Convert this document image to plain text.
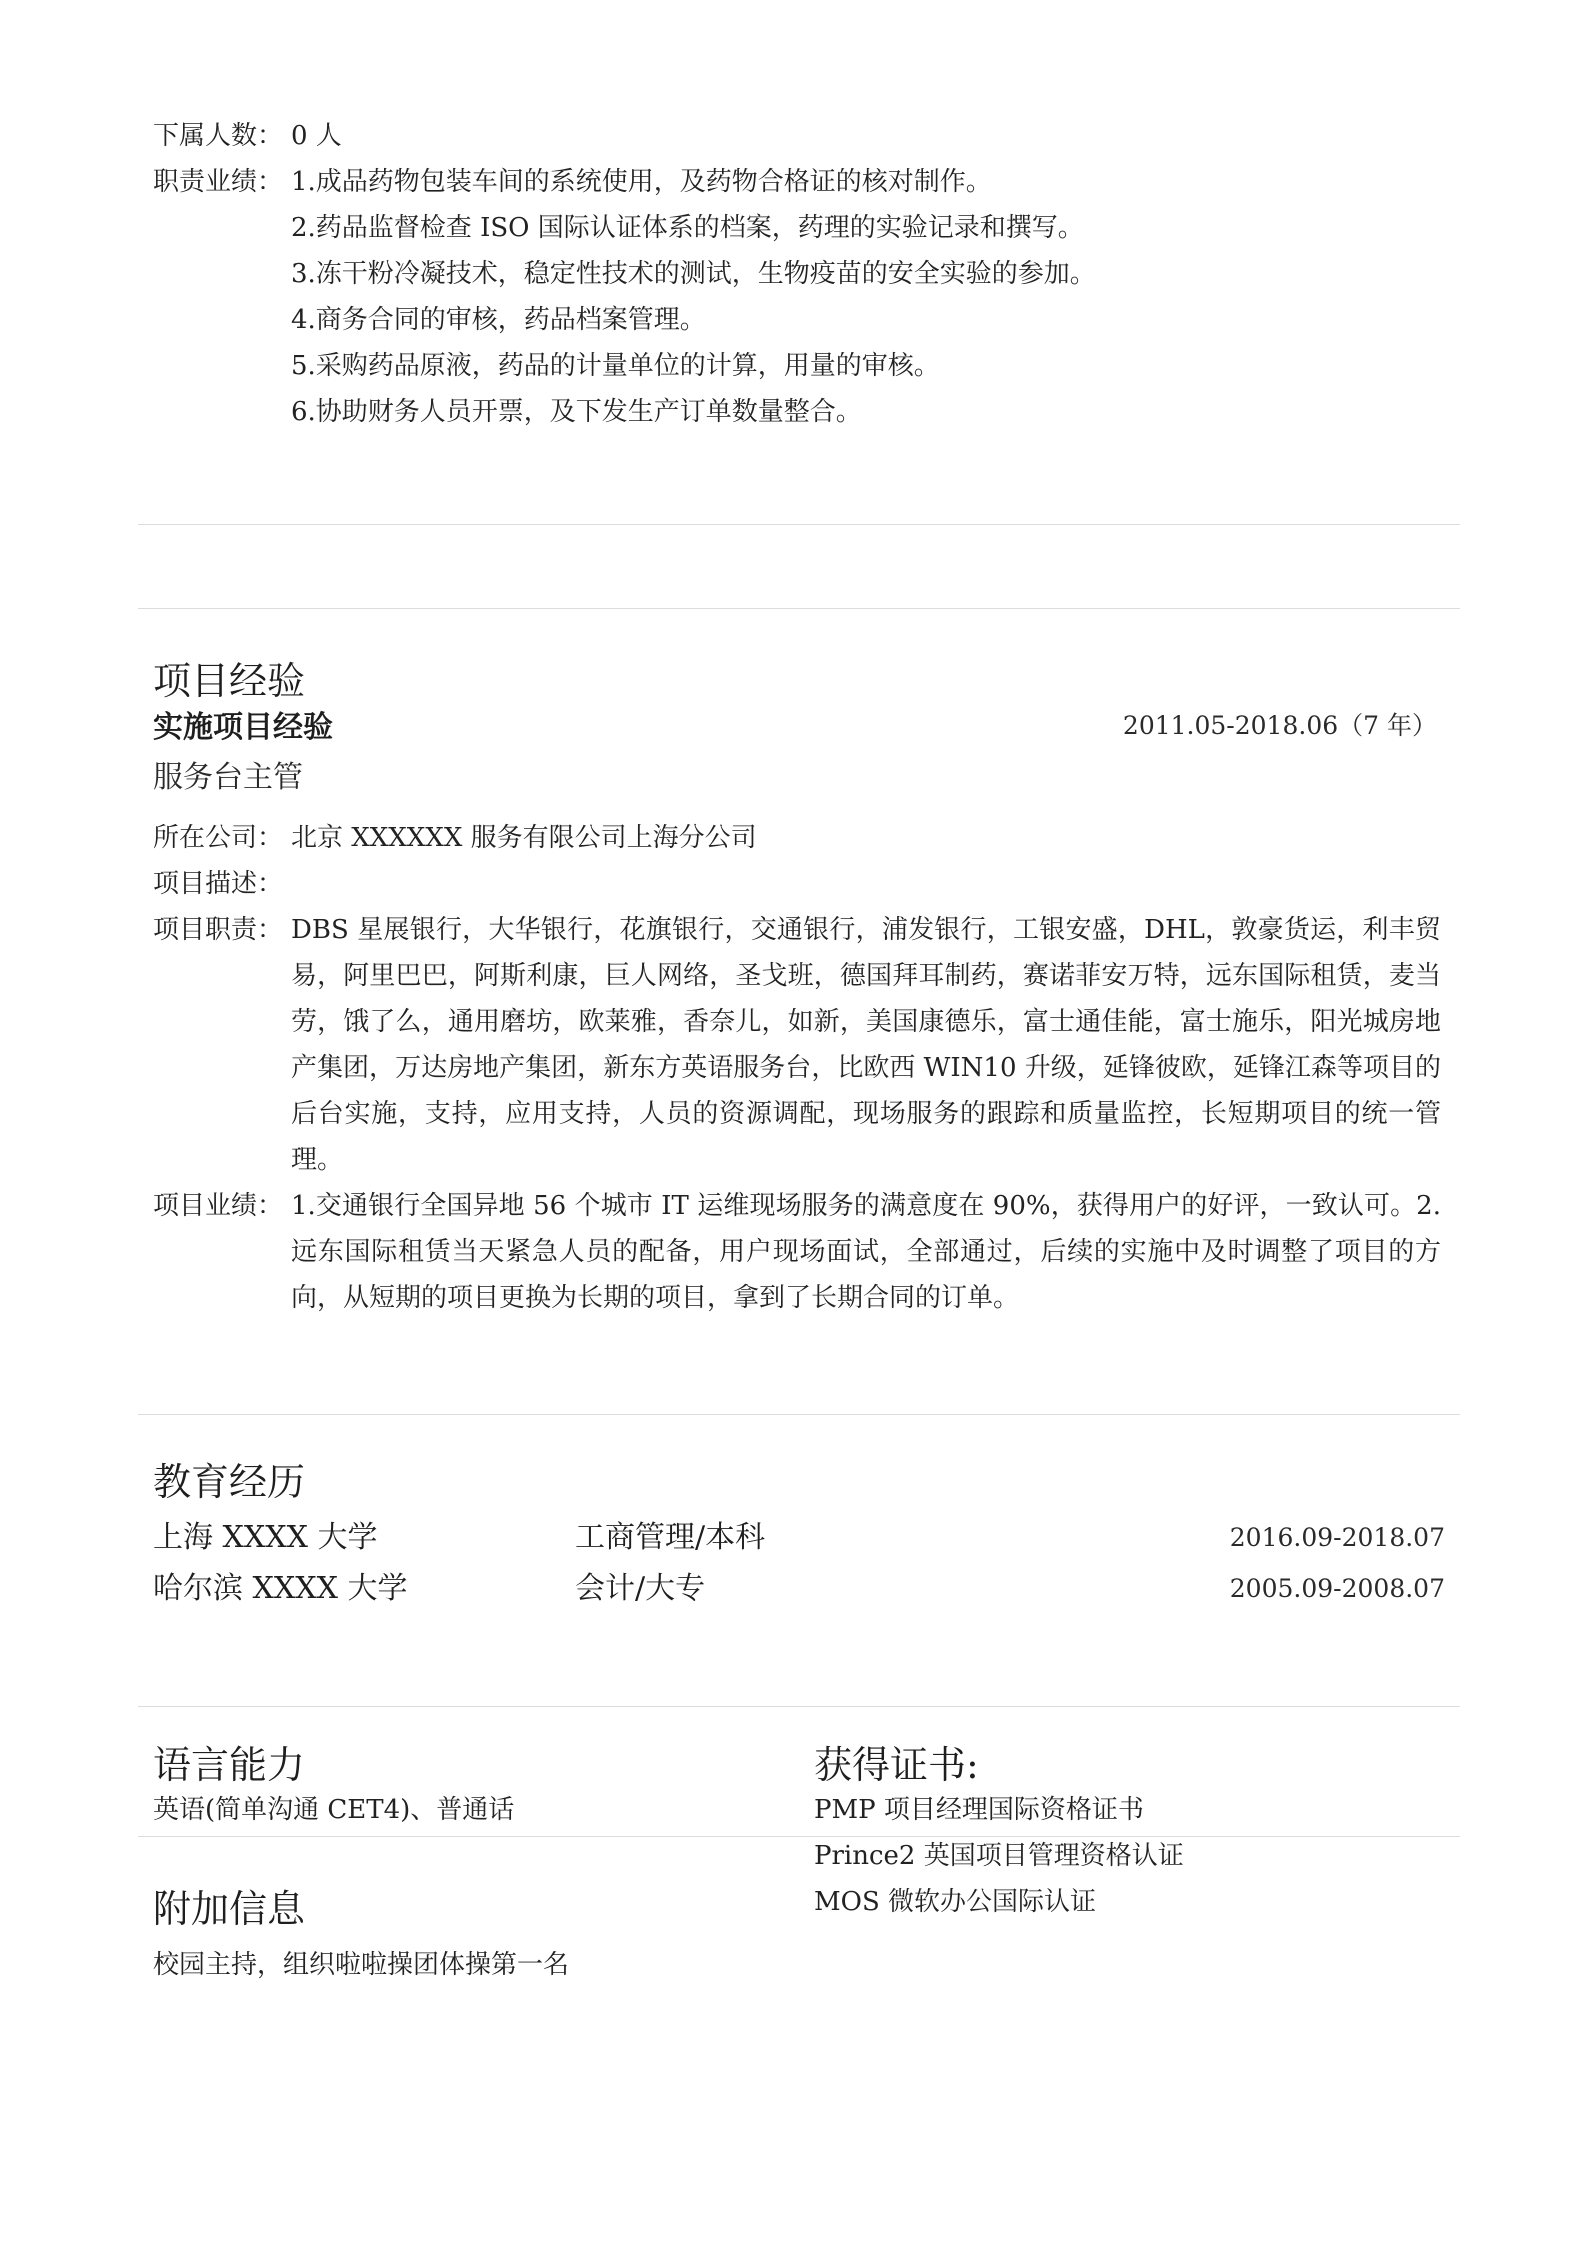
下属人数： 0 人
职责业绩： 1.成品药物包装车间的系统使用，及药物合格证的核对制作。
2.药品监督检查 ISO 国际认证体系的档案，药理的实验记录和撰写。
3.冻干粉冷凝技术，稳定性技术的测试，生物疫苗的安全实验的参加。
4.商务合同的审核，药品档案管理。
5.采购药品原液，药品的计量单位的计算，用量的审核。
6.协助财务人员开票，及下发生产订单数量整合。
项目经验
实施项目经验	2011.05-2018.06（7 年）
服务台主管
所在公司： 北京 XXXXXX 服务有限公司上海分公司
项目描述：
项目职责： DBS 星展银行，大华银行，花旗银行，交通银行，浦发银行，工银安盛，DHL，敦豪货运，利丰贸易，阿里巴巴，阿斯利康，巨人网络，圣戈班，德国拜耳制药，赛诺菲安万特，远东国际租赁，麦当劳，饿了么，通用磨坊，欧莱雅，香奈儿，如新，美国康德乐，富士通佳能，富士施乐，阳光城房地产集团，万达房地产集团，新东方英语服务台，比欧西 WIN10 升级，延锋彼欧，延锋江森等项目的后台实施，支持，应用支持，人员的资源调配，现场服务的跟踪和质量监控，长短期项目的统一管理。
项目业绩： 1.交通银行全国异地 56 个城市 IT 运维现场服务的满意度在 90%，获得用户的好评，一致认可。2.远东国际租赁当天紧急人员的配备，用户现场面试，全部通过，后续的实施中及时调整了项目的方向，从短期的项目更换为长期的项目，拿到了长期合同的订单。
教育经历
上海 XXXX 大学	工商管理/本科	2016.09-2018.07
哈尔滨 XXXX 大学	会计/大专	2005.09-2008.07
语言能力
英语(简单沟通 CET4)、普通话
获得证书:
PMP 项目经理国际资格证书
Prince2 英国项目管理资格认证
MOS 微软办公国际认证
附加信息
校园主持，组织啦啦操团体操第一名
